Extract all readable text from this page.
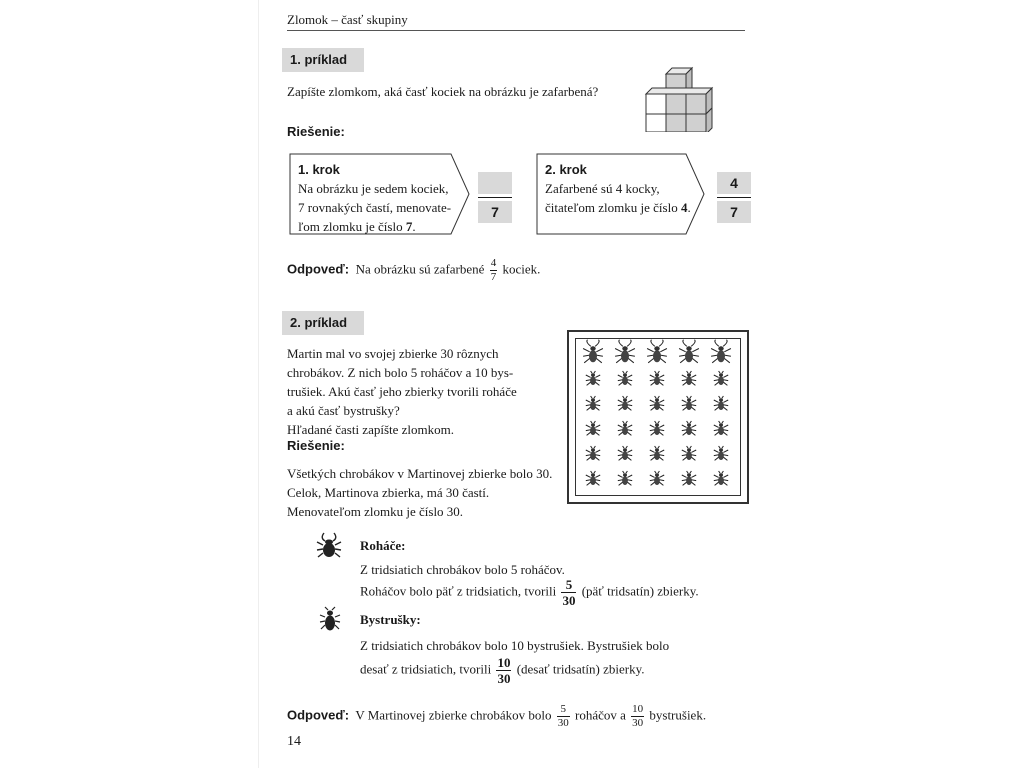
Zlomok – časť skupiny
1. príklad
Zapíšte zlomkom, aká časť kociek na obrázku je zafarbená?
Riešenie:
1. krok
Na obrázku je sedem kociek,
7 rovnakých častí, menovate-
ľom zlomku je číslo 7.
7
2. krok
Zafarbené sú 4 kocky,
čitateľom zlomku je číslo 4.
4
7
Odpoveď: Na obrázku sú zafarbené $\frac{4}{7}$ kociek.
2. príklad
Martin mal vo svojej zbierke 30 rôznych
chrobákov. Z nich bolo 5 roháčov a 10 bys-
trušiek. Akú časť jeho zbierky tvorili roháče
a akú časť bystrušky?
Hľadané časti zapíšte zlomkom.
Riešenie:
Všetkých chrobákov v Martinovej zbierke bolo 30.
Celok, Martinova zbierka, má 30 častí.
Menovateľom zlomku je číslo 30.
Roháče:
Z tridsiatich chrobákov bolo 5 roháčov.
Roháčov bolo päť z tridsiatich, tvorili $\frac{5}{30}$ (päť tridsatín) zbierky.
Bystrušky:
Z tridsiatich chrobákov bolo 10 bystrušiek. Bystrušiek bolo
desať z tridsiatich, tvorili $\frac{10}{30}$ (desať tridsatín) zbierky.
Odpoveď: V Martinovej zbierke chrobákov bolo $\frac{5}{30}$ roháčov a $\frac{10}{30}$ bystrušiek.
14
